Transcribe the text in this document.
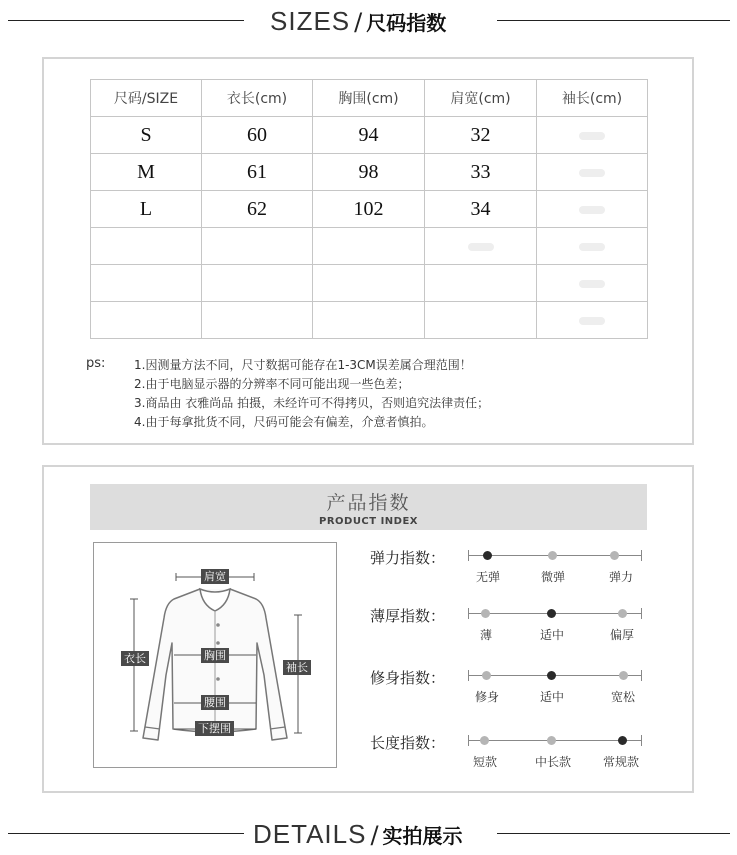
SIZES / 尺码指数
尺码/SIZE	衣长(cm)	胸围(cm)	肩宽(cm)	袖长(cm)
S	60	94	32	
M	61	98	33	
L	62	102	34	

ps: 1.因测量方法不同，尺寸数据可能存在1-3CM误差属合理范围！
2.由于电脑显示器的分辨率不同可能出现一些色差；
3.商品由 衣雅尚品 拍摄，未经许可不得拷贝，否则追究法律责任；
4.由于每拿批货不同，尺码可能会有偏差，介意者慎拍。
产品指数
PRODUCT INDEX
肩宽
衣长	胸围
袖长
腰围
下摆围
弹力指数：
无弹	微弹	弹力
薄厚指数：
薄	适中	偏厚
修身指数：
修身	适中	宽松
长度指数：
短款	中长款	常规款
DETAILS / 实拍展示
